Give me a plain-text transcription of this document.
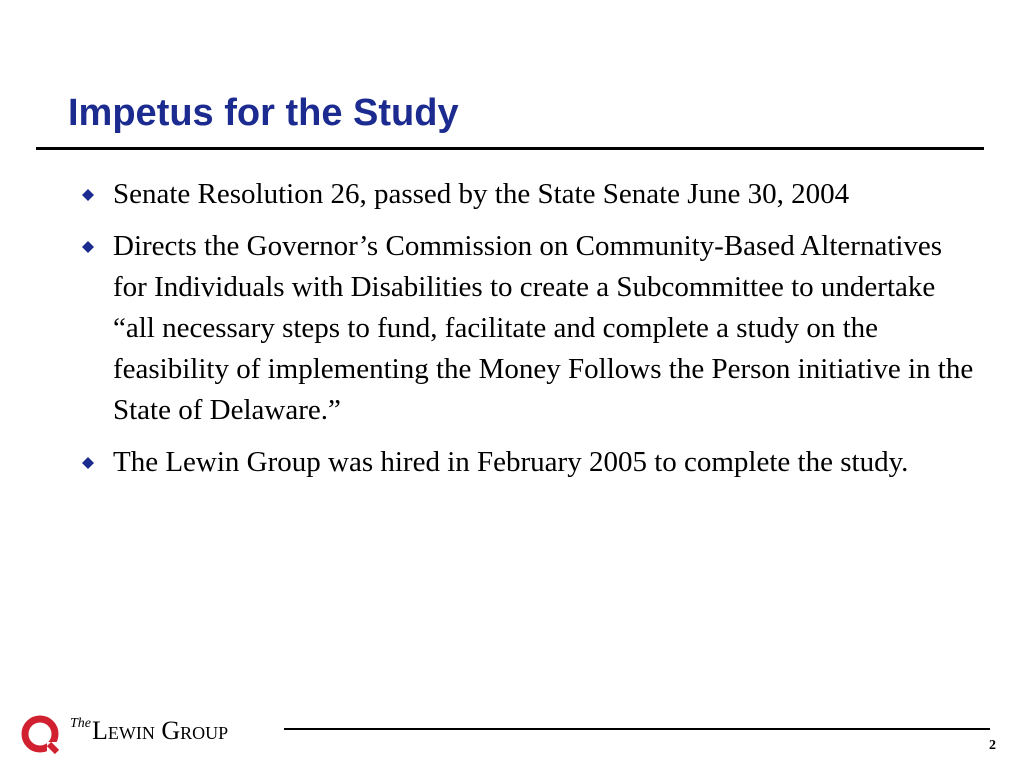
Impetus for the Study
Senate Resolution 26, passed by the State Senate June 30, 2004
Directs the Governor’s Commission on Community-Based Alternatives for Individuals with Disabilities to create a Subcommittee to undertake “all necessary steps to fund, facilitate and complete a study on the feasibility of implementing the Money Follows the Person initiative in the State of Delaware.”
The Lewin Group was hired in February 2005 to complete the study.
TheLewin Group
2
